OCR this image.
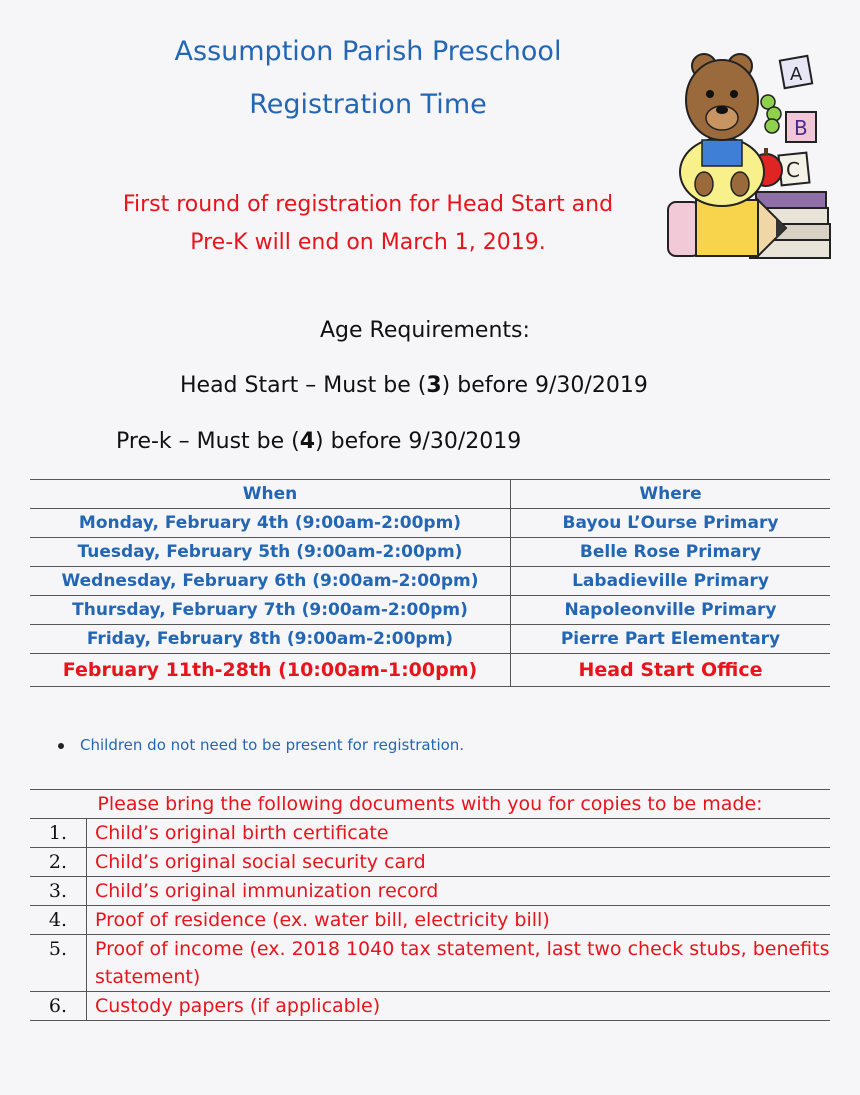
Assumption Parish Preschool
Registration Time
First round of registration for Head Start and
Pre-K will end on March 1, 2019.
A
B
C
Age Requirements:
Head Start – Must be (3) before 9/30/2019
Pre-k – Must be (4) before 9/30/2019
When	Where
Monday, February 4th (9:00am-2:00pm)	Bayou L’Ourse Primary
Tuesday, February 5th (9:00am-2:00pm)	Belle Rose Primary
Wednesday, February 6th (9:00am-2:00pm)	Labadieville Primary
Thursday, February 7th (9:00am-2:00pm)	Napoleonville Primary
Friday, February 8th (9:00am-2:00pm)	Pierre Part Elementary
February 11th-28th (10:00am-1:00pm)	Head Start Office
Children do not need to be present for registration.
Please bring the following documents with you for copies to be made:	
1.	Child’s original birth certificate
2.	Child’s original social security card
3.	Child’s original immunization record
4.	Proof of residence (ex. water bill, electricity bill)
5.	Proof of income (ex. 2018 1040 tax statement, last two check stubs, benefits statement)
6.	Custody papers (if applicable)
